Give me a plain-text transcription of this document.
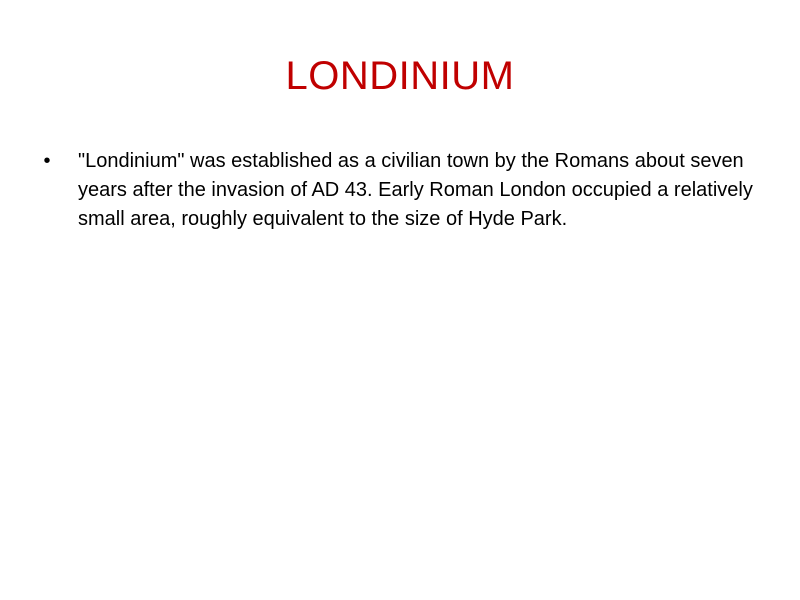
LONDINIUM
• "Londinium" was established as a civilian town by the Romans about seven years after the invasion of AD 43. Early Roman London occupied a relatively small area, roughly equivalent to the size of Hyde Park.
